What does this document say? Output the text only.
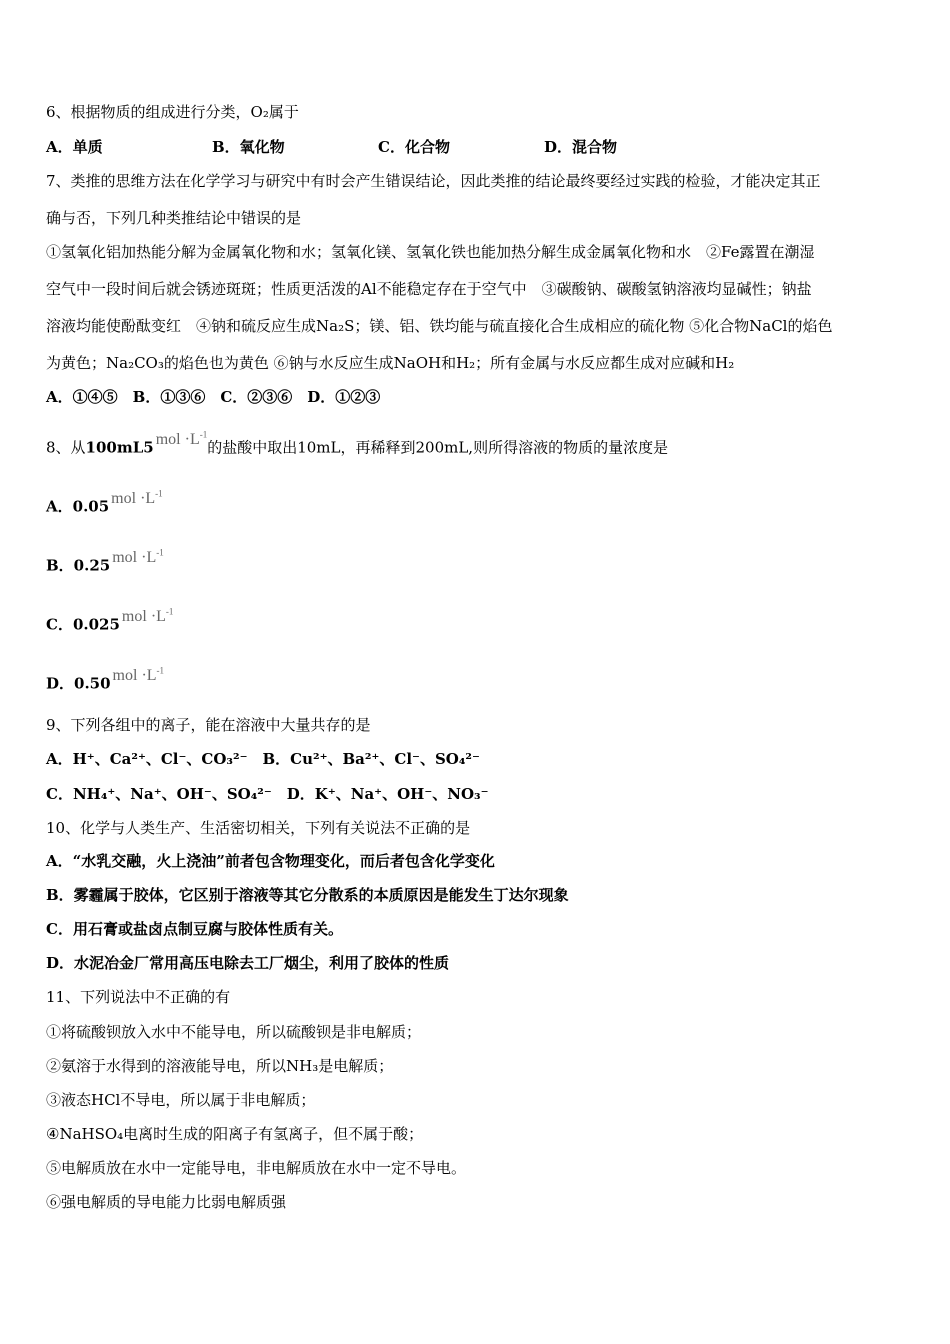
6、根据物质的组成进行分类，O₂属于
A．单质	B．氧化物	C．化合物	D．混合物
7、类推的思维方法在化学学习与研究中有时会产生错误结论，因此类推的结论最终要经过实践的检验，才能决定其正
确与否，下列几种类推结论中错误的是
①氢氧化铝加热能分解为金属氧化物和水；氢氧化镁、氢氧化铁也能加热分解生成金属氧化物和水　②Fe露置在潮湿
空气中一段时间后就会锈迹斑斑；性质更活泼的Al不能稳定存在于空气中　③碳酸钠、碳酸氢钠溶液均显碱性；钠盐
溶液均能使酚酞变红　④钠和硫反应生成Na₂S；镁、铝、铁均能与硫直接化合生成相应的硫化物 ⑤化合物NaCl的焰色
为黄色；Na₂CO₃的焰色也为黄色 ⑥钠与水反应生成NaOH和H₂；所有金属与水反应都生成对应碱和H₂
A．①④⑤　B．①③⑥　C．②③⑥　D．①②③
8、从100mL5 mol $\cdot L^{-1}$的盐酸中取出10mL，再稀释到200mL,则所得溶液的物质的量浓度是
A．0.05 mol $\cdot L^{-1}$
B．0.25 mol $\cdot L^{-1}$
C．0.025 mol $\cdot L^{-1}$
D．0.50 mol $\cdot L^{-1}$
9、下列各组中的离子，能在溶液中大量共存的是
A．H⁺、Ca²⁺、Cl⁻、CO₃²⁻　B．Cu²⁺、Ba²⁺、Cl⁻、SO₄²⁻
C．NH₄⁺、Na⁺、OH⁻、SO₄²⁻　D．K⁺、Na⁺、OH⁻、NO₃⁻
10、化学与人类生产、生活密切相关，下列有关说法不正确的是
A．“水乳交融，火上浇油”前者包含物理变化，而后者包含化学变化
B．雾霾属于胶体，它区别于溶液等其它分散系的本质原因是能发生丁达尔现象
C．用石膏或盐卤点制豆腐与胶体性质有关。
D．水泥冶金厂常用高压电除去工厂烟尘，利用了胶体的性质
11、下列说法中不正确的有
①将硫酸钡放入水中不能导电，所以硫酸钡是非电解质；
②氨溶于水得到的溶液能导电，所以NH₃是电解质；
③液态HCl不导电，所以属于非电解质；
④NaHSO₄电离时生成的阳离子有氢离子，但不属于酸；
⑤电解质放在水中一定能导电，非电解质放在水中一定不导电。
⑥强电解质的导电能力比弱电解质强
